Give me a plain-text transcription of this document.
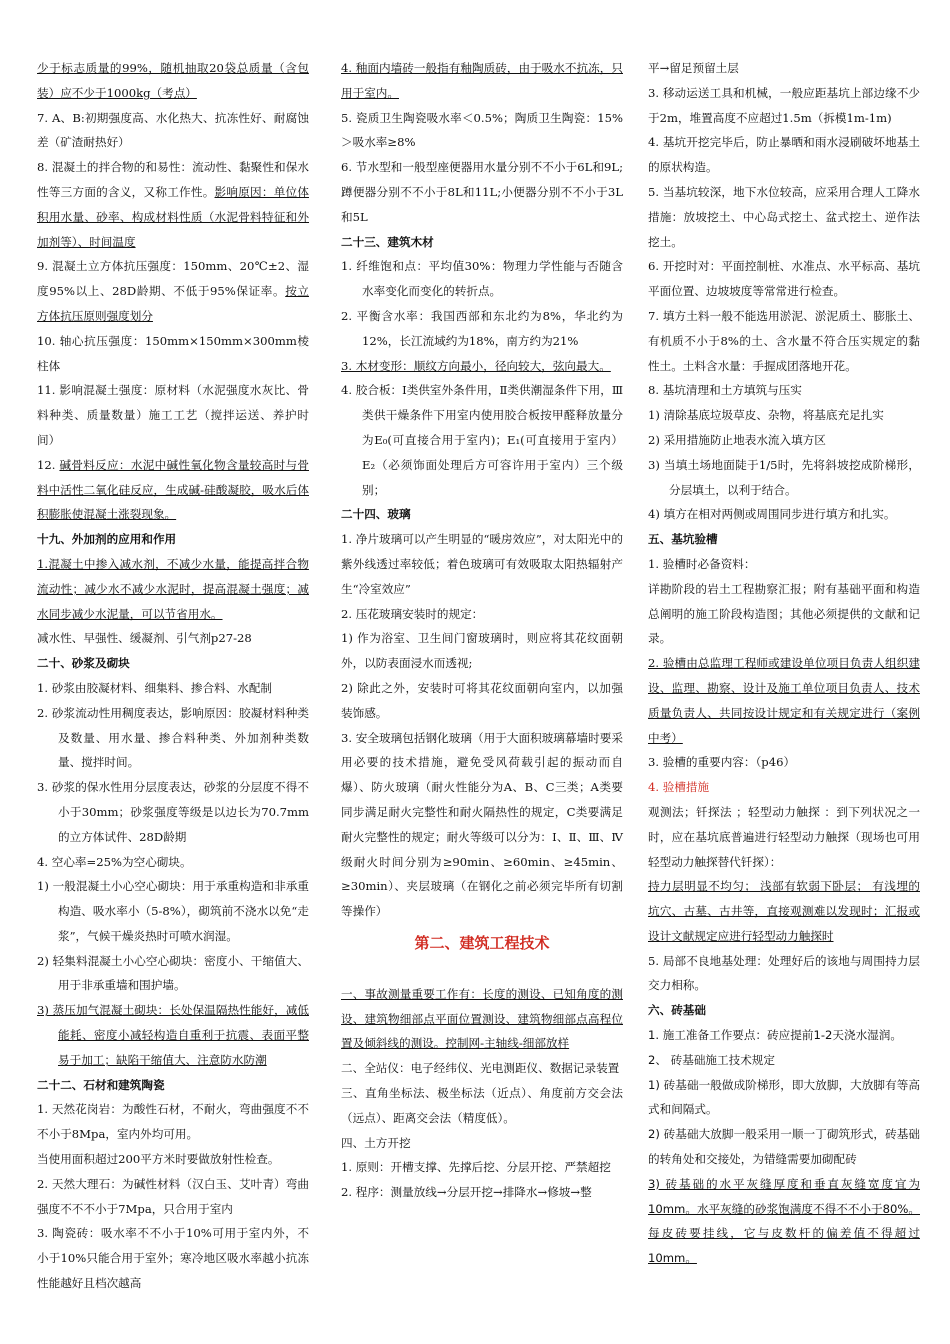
少于标志质量的99%，随机抽取20袋总质量（含包装）应不少于1000kg（考点）
7. A、B:初期强度高、水化热大、抗冻性好、耐腐蚀差（矿渣耐热好）
8. 混凝土的拌合物的和易性：流动性、黏聚性和保水性等三方面的含义，又称工作性。影响原因：单位体积用水量、砂率、构成材料性质（水泥骨料特征和外加剂等）、时间温度
9. 混凝土立方体抗压强度：150mm、20℃±2、湿度95%以上、28D龄期、不低于95%保证率。按立方体抗压原则强度划分
10. 轴心抗压强度：150mm×150mm×300mm棱柱体
11. 影响混凝土强度：原材料（水泥强度水灰比、骨料种类、质量数量）施工工艺（搅拌运送、养护时间）
12. 碱骨料反应：水泥中碱性氧化物含量较高时与骨料中活性二氧化硅反应，生成碱-硅酸凝胶，吸水后体积膨胀使混凝土涨裂现象。
十九、外加剂的应用和作用
1.混凝土中掺入减水剂，不减少水量，能提高拌合物流动性；减少水不减少水泥时，提高混凝土强度；减水同步减少水泥量，可以节省用水。
减水性、早强性、缓凝剂、引气剂p27-28
二十、砂浆及砌块
1. 砂浆由胶凝材料、细集料、掺合料、水配制
2. 砂浆流动性用稠度表达，影响原因：胶凝材料种类及数量、用水量、掺合料种类、外加剂种类数量、搅拌时间。
3. 砂浆的保水性用分层度表达，砂浆的分层度不得不小于30mm；砂浆强度等级是以边长为70.7mm的立方体试件、28D龄期
4. 空心率=25%为空心砌块。
1) 一般混凝土小心空心砌块：用于承重构造和非承重构造、吸水率小（5-8%），砌筑前不浇水以免“走浆”，气候干燥炎热时可喷水润湿。
2) 轻集料混凝土小心空心砌块：密度小、干缩值大、用于非承重墙和围护墙。
3) 蒸压加气混凝土砌块：长处保温隔热性能好，减低能耗、密度小减轻构造自重利于抗震、表面平整易于加工；缺陷干缩值大、注意防水防潮
二十二、石材和建筑陶瓷
1. 天然花岗岩：为酸性石材，不耐火，弯曲强度不不不小于8Mpa，室内外均可用。
当使用面积超过200平方米时要做放射性检查。
2. 天然大理石：为碱性材料（汉白玉、艾叶青）弯曲强度不不不小于7Mpa，只合用于室内
3. 陶瓷砖：吸水率不不小于10%可用于室内外，不小于10%只能合用于室外；寒冷地区吸水率越小抗冻性能越好且档次越高
4. 釉面内墙砖一般指有釉陶质砖，由于吸水不抗冻，只用于室内。
5. 瓷质卫生陶瓷吸水率＜0.5%；陶质卫生陶瓷：15%＞吸水率≥8%
6. 节水型和一般型座便器用水量分别不不小于6L和9L;蹲便器分别不不小于8L和11L;小便器分别不不小于3L和5L
二十三、建筑木材
1. 纤维饱和点：平均值30%：物理力学性能与否随含水率变化而变化的转折点。
2. 平衡含水率：我国西部和东北约为8%，华北约为12%，长江流域约为18%，南方约为21%
3. 木材变形：顺纹方向最小，径向较大，弦向最大。
4. 胶合板：Ⅰ类供室外条件用，Ⅱ类供潮湿条件下用，Ⅲ类供干燥条件下用室内使用胶合板按甲醛释放量分为E₀(可直接合用于室内)；E₁(可直接用于室内）E₂（必须饰面处理后方可容许用于室内）三个级别；
二十四、玻璃
1. 净片玻璃可以产生明显的“暖房效应”，对太阳光中的紫外线透过率较低；着色玻璃可有效吸取太阳热辐射产生“冷室效应”
2. 压花玻璃安装时的规定：
1) 作为浴室、卫生间门窗玻璃时，则应将其花纹面朝外，以防表面浸水而透视;
2) 除此之外，安装时可将其花纹面朝向室内，以加强装饰感。
3. 安全玻璃包括钢化玻璃（用于大面积玻璃幕墙时要采用必要的技术措施，避免受风荷载引起的振动而自爆）、防火玻璃（耐火性能分为A、B、C三类；A类要同步满足耐火完整性和耐火隔热性的规定，C类要满足耐火完整性的规定；耐火等级可以分为：Ⅰ、Ⅱ、Ⅲ、Ⅳ级耐火时间分别为≥90min、≥60min、≥45min、≥30min）、夹层玻璃（在钢化之前必须完毕所有切割等操作）
第二、建筑工程技术
一、事故测量重要工作有：长度的测设、已知角度的测设、建筑物细部点平面位置测设、建筑物细部点高程位置及倾斜线的测设。控制网-主轴线-细部放样
二、全站仪：电子经纬仪、光电测距仪、数据记录装置
三、直角坐标法、极坐标法（近点）、角度前方交会法（远点）、距离交会法（精度低）。
四、土方开挖
1. 原则：开槽支撑、先撑后挖、分层开挖、严禁超挖
2. 程序：测量放线→分层开挖→排降水→修坡→整
平→留足预留土层
3. 移动运送工具和机械，一般应距基坑上部边缘不少于2m，堆置高度不应超过1.5m（拆模1m-1m)
4. 基坑开挖完毕后，防止暴晒和雨水浸刷破坏地基土的原状构造。
5. 当基坑较深，地下水位较高，应采用合理人工降水措施：放坡挖土、中心岛式挖土、盆式挖土、逆作法挖土。
6. 开挖时对：平面控制桩、水准点、水平标高、基坑平面位置、边坡坡度等常常进行检查。
7. 填方土料一般不能选用淤泥、淤泥质土、膨胀土、有机质不小于8%的土、含水量不符合压实规定的黏性土。土料含水量：手握成团落地开花。
8. 基坑清理和土方填筑与压实
1) 清除基底垃圾草皮、杂物，将基底充足扎实
2) 采用措施防止地表水流入填方区
3) 当填土场地面陡于1/5时，先将斜坡挖成阶梯形，分层填土，以利于结合。
4) 填方在相对两侧或周围同步进行填方和扎实。
五、基坑验槽
1. 验槽时必备资料：
详勘阶段的岩土工程勘察汇报；附有基础平面和构造总阐明的施工阶段构造图；其他必须提供的文献和记录。
2. 验槽由总监理工程师或建设单位项目负责人组织建设、监理、勘察、设计及施工单位项目负责人、技术质量负责人、共同按设计规定和有关规定进行（案例中考）
3. 验槽的重要内容：（p46）
4. 验槽措施
观测法；钎探法 ；轻型动力触探 ：到下列状况之一时，应在基坑底普遍进行轻型动力触探（现场也可用轻型动力触探替代钎探）：
持力层明显不均匀； 浅部有软弱下卧层； 有浅埋的坑穴、古墓、古井等，直接观测难以发现时；汇报或设计文献规定应进行轻型动力触探时
5. 局部不良地基处理：处理好后的该地与周围持力层交力相称。
六、砖基础
1. 施工准备工作要点：砖应提前1-2天浇水湿润。
2、 砖基础施工技术规定
1) 砖基础一般做成阶梯形，即大放脚，大放脚有等高式和间隔式。
2) 砖基础大放脚一般采用一顺一丁砌筑形式，砖基础的转角处和交接处，为错缝需要加砌配砖
3) 砖基础的水平灰缝厚度和垂直灰缝宽度宜为10mm。水平灰缝的砂浆饱满度不得不不小于80%。每皮砖要挂线，它与皮数杆的偏差值不得超过10mm。
